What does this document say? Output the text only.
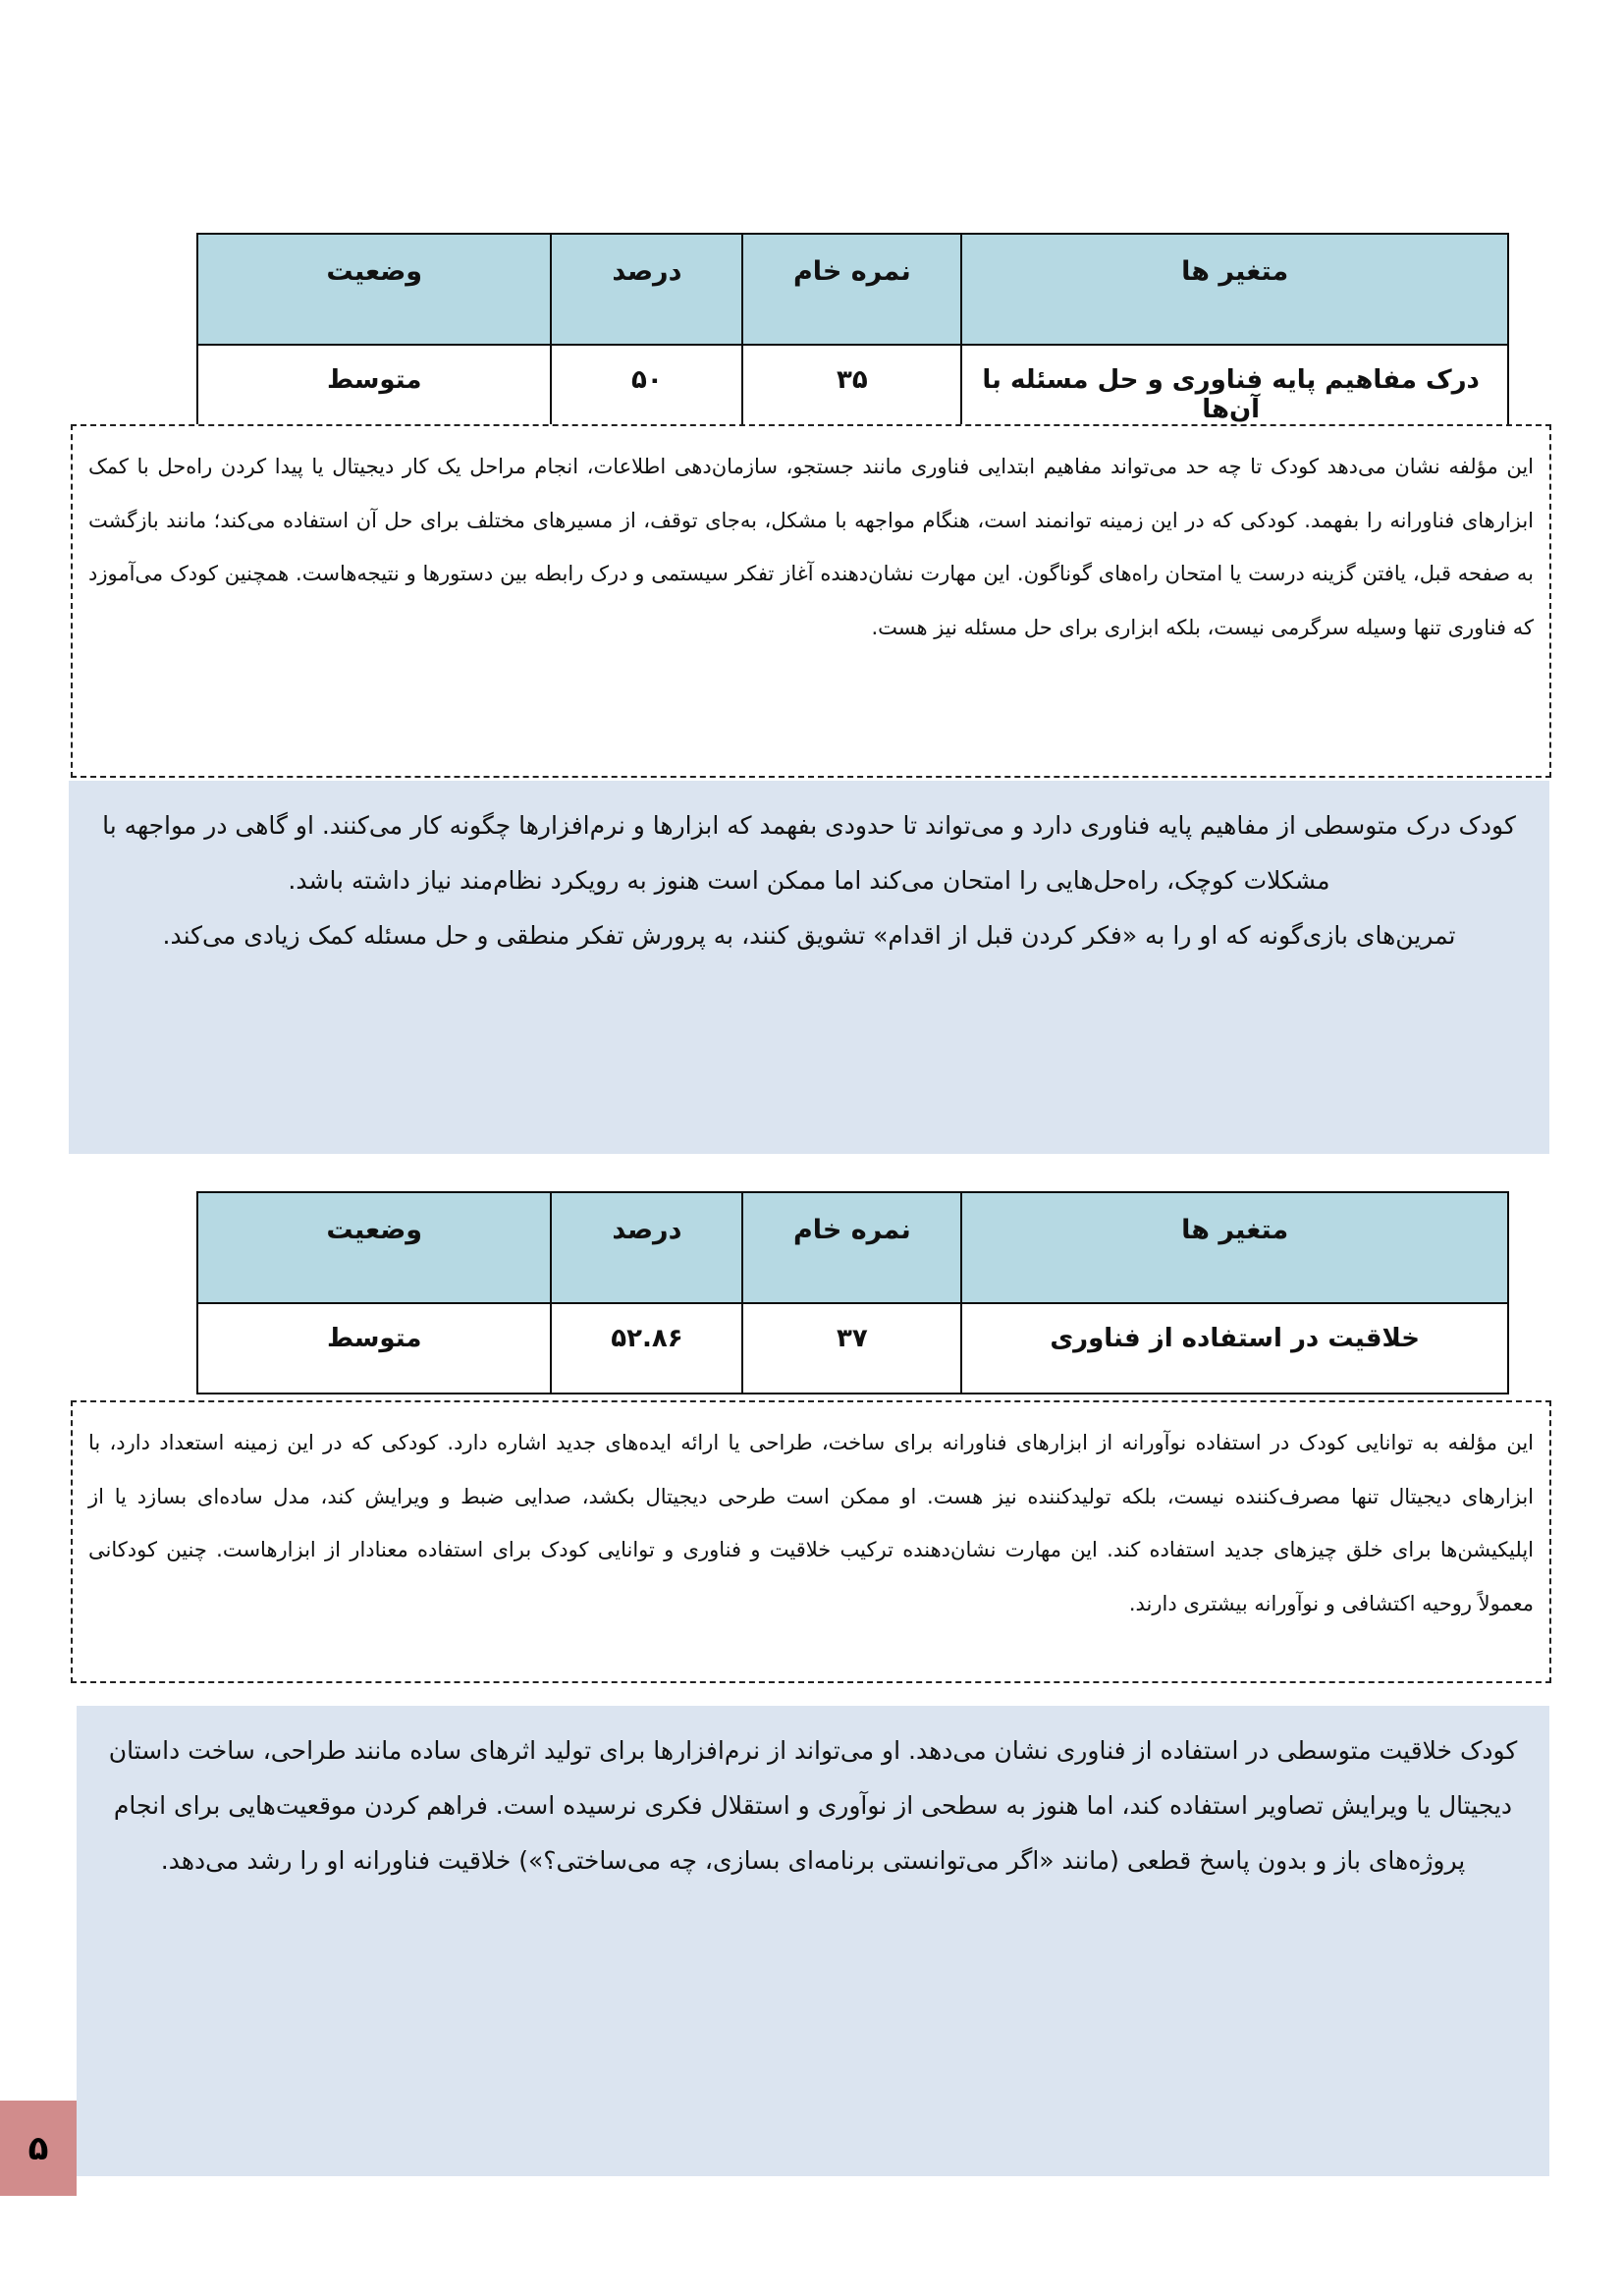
متغیر ها	نمره خام	درصد	وضعیت
درک مفاهیم پایه فناوری و حل مسئله با آن‌ها	۳۵	۵۰	متوسط

این مؤلفه نشان می‌دهد کودک تا چه حد می‌تواند مفاهیم ابتدایی فناوری مانند جستجو، سازمان‌دهی اطلاعات، انجام مراحل یک کار دیجیتال یا پیدا کردن راه‌حل با کمک ابزارهای فناورانه را بفهمد. کودکی که در این زمینه توانمند است، هنگام مواجهه با مشکل، به‌جای توقف، از مسیرهای مختلف برای حل آن استفاده می‌کند؛ مانند بازگشت به صفحه قبل، یافتن گزینه درست یا امتحان راه‌های گوناگون. این مهارت نشان‌دهنده آغاز تفکر سیستمی و درک رابطه بین دستورها و نتیجه‌هاست. همچنین کودک می‌آموزد که فناوری تنها وسیله سرگرمی نیست، بلکه ابزاری برای حل مسئله نیز هست.

کودک درک متوسطی از مفاهیم پایه فناوری دارد و می‌تواند تا حدودی بفهمد که ابزارها و نرم‌افزارها چگونه کار می‌کنند. او گاهی در مواجهه با مشکلات کوچک، راه‌حل‌هایی را امتحان می‌کند اما ممکن است هنوز به رویکرد نظام‌مند نیاز داشته باشد.

تمرین‌های بازی‌گونه که او را به «فکر کردن قبل از اقدام» تشویق کنند، به پرورش تفکر منطقی و حل مسئله کمک زیادی می‌کند.

متغیر ها	نمره خام	درصد	وضعیت
خلاقیت در استفاده از فناوری	۳۷	۵۲.۸۶	متوسط

این مؤلفه به توانایی کودک در استفاده نوآورانه از ابزارهای فناورانه برای ساخت، طراحی یا ارائه ایده‌های جدید اشاره دارد. کودکی که در این زمینه استعداد دارد، با ابزارهای دیجیتال تنها مصرف‌کننده نیست، بلکه تولیدکننده نیز هست. او ممکن است طرحی دیجیتال بکشد، صدایی ضبط و ویرایش کند، مدل ساده‌ای بسازد یا از اپلیکیشن‌ها برای خلق چیزهای جدید استفاده کند. این مهارت نشان‌دهنده ترکیب خلاقیت و فناوری و توانایی کودک برای استفاده معنادار از ابزارهاست. چنین کودکانی معمولاً روحیه اکتشافی و نوآورانه بیشتری دارند.

کودک خلاقیت متوسطی در استفاده از فناوری نشان می‌دهد. او می‌تواند از نرم‌افزارها برای تولید اثرهای ساده مانند طراحی، ساخت داستان دیجیتال یا ویرایش تصاویر استفاده کند، اما هنوز به سطحی از نوآوری و استقلال فکری نرسیده است. فراهم کردن موقعیت‌هایی برای انجام پروژه‌های باز و بدون پاسخ قطعی (مانند «اگر می‌توانستی برنامه‌ای بسازی، چه می‌ساختی؟») خلاقیت فناورانه او را رشد می‌دهد.

۵
